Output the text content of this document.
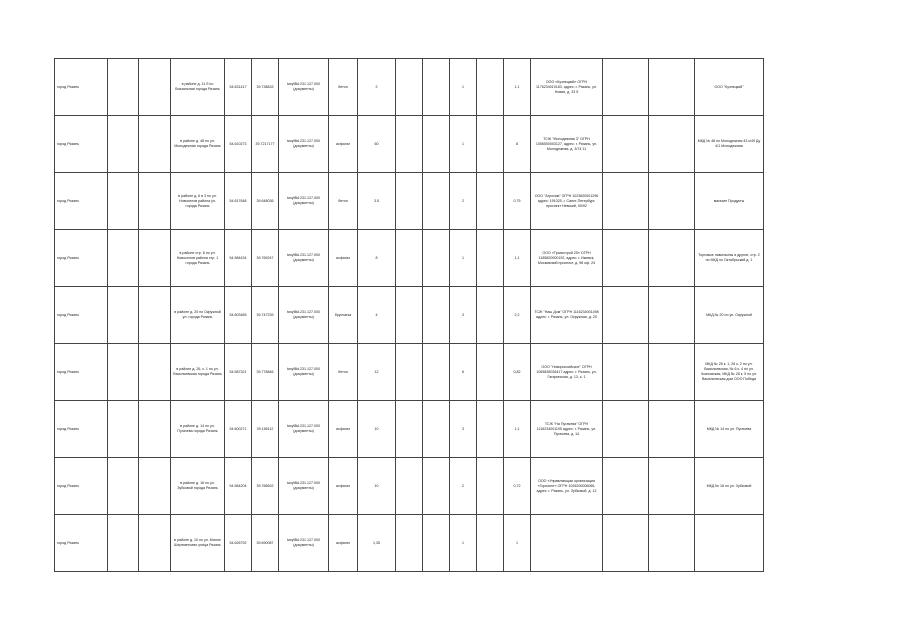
город Рязань			в районе д. 11 б по Вокзальная города Рязань	54.631417	39.738633	twq/tBd.231.127.000 (документы)	бетон	2			1		1,1	ООО «Кузнецкий» ОГРН 1176234010183, адрес: г. Рязань, ул. Новая, д. 33 б			ООО "Кузнецкий"
город Рязань			в районе д. 48 по ул. Молодежная города Рязань	54.610273	39.7217177	twq/tBd.231.127.000 (документы)	асфальт	60			1		8	ТСЖ "Молодежная 3" ОГРН 1056500003127, адрес: г. Рязань, ул. Молодежная, д. 3/74 11			МКД № 48 по Молодежная 43 к/49 Ду 4/1 Молодежная
город Рязань			в районе д. 6 в 3 по ул. Новоселов района ул. города Рязань	54.617648	39.648036	twq/tBd.231.127.000 (документы)	бетон	3.5			2		0,75	ООО "Агрохим" ОГРН 1023600001296 адрес: 191025, г. Санкт-Петербург, проспект Невский, 90/92			магазин Продукты
город Рязань			в районе стр. 8 по ул. Новоселов района стр. 1 города Рязань	54.584434	39.769247	twq/tBd.231.127.000 (документы)	асфальт	8			1		1,1	ООО «Трансстрой 25» ОГРН 1185820000192, адрес: г. Ижевск, Московский проспект, д. 98 оф. 24			Торговые павильоны и другие, стр. 2 по МКД по Октябрьский д. 1
город Рязань			в районе д. 20 по Окружной ул. города Рязань	54.603465	39.747239	twq/tBd.231.127.000 (документы)	брусчатка	4			3		2,2	ТСЖ "Наш Дом" ОГРН 1116234001498 адрес: г. Рязань, ул. Окружная, д. 20			МКД № 20 по ул. Окружной
город Рязань			в районе д. 26, к. 1 по ул. Васильевская города Рязань	54.587321	39.778846	twq/tBd.231.127.000 (документы)	бетон	12			6		0,82	ООО "Новороссийское" ОГРН 1065835026417 адрес: г. Рязань, ул. Гагаринская, д. 13, к. 1			МКД № 26 к. 1, 26 к. 2 по ул. Васильевская, № 6 к. 4 по ул. Чкаловская, МКД № 28 к. 5 по ул. Васильевская дом ООО Победа
город Рязань			в районе д. 14 по ул. Пугачева города Рязань	54.600271	39.156112	twq/tBd.231.127.000 (документы)	асфальт	10			3		1,1	ТСЖ "На Пугачева" ОГРН 1116234001195 адрес: г. Рязань, ул. Пугачева, д. 14			МКД № 14 по ул. Пугачева
город Рязань			в районе д. 16 по ул. Зубковой города Рязань	54.584204	39.766632	twq/tBd.231.127.000 (документы)	асфальт	10			2		0,72	ООО «Управляющая организация «Горизонт» ОГРН 1026200006066, адрес: г. Рязань, ул. Зубковой, д. 12			МКД № 16 по ул. Зубковой
город Рязань			в районе д. 10 по ул. Малое Шереметьево улица Рязань	54.626792	39.690087	twq/tBd.231.127.000 (документы)	асфальт	1,35			1		1				
